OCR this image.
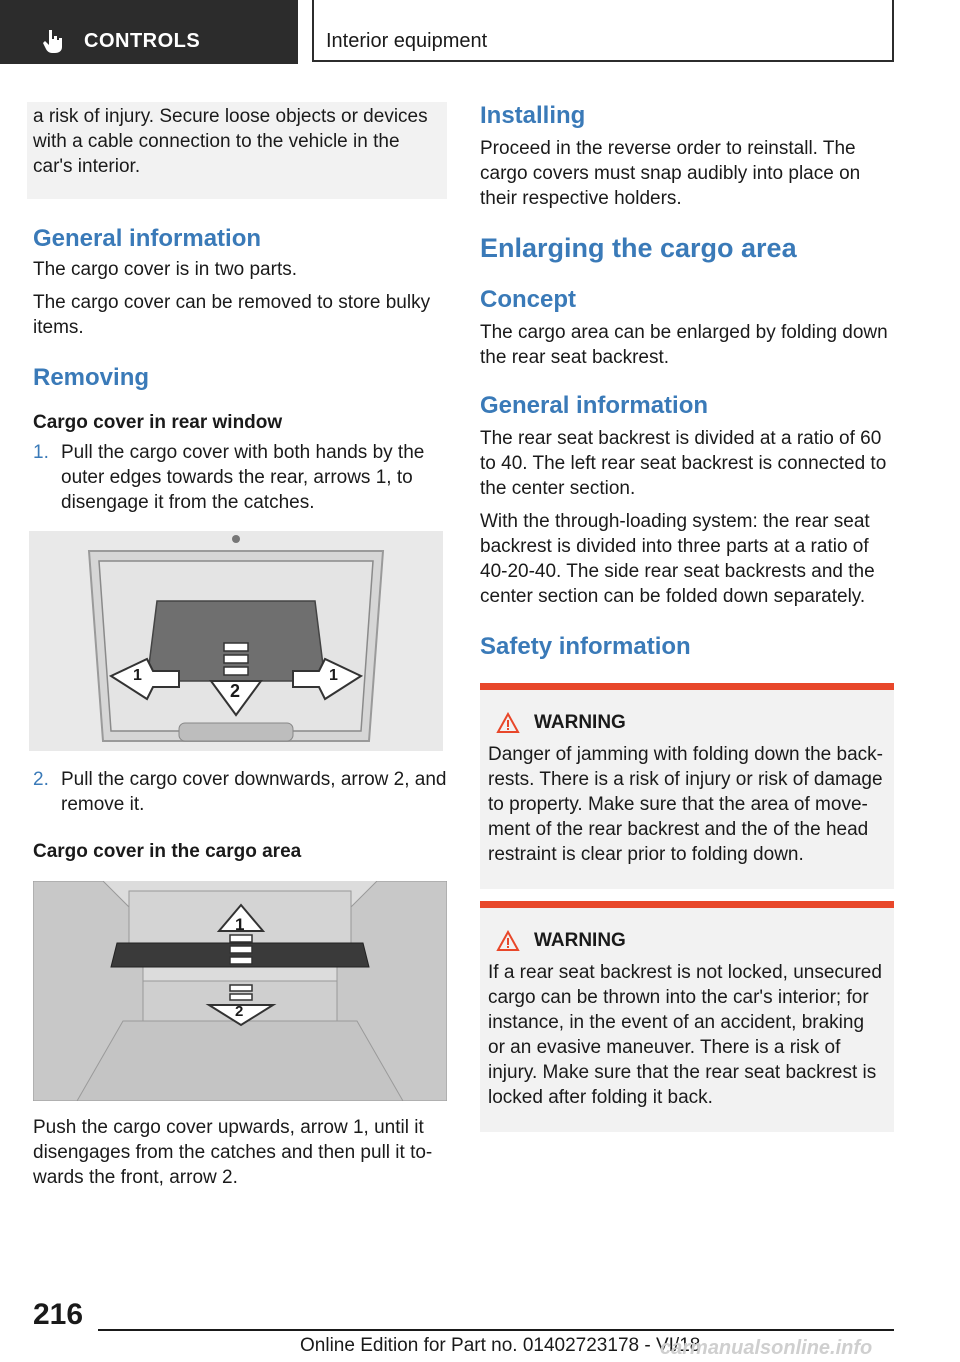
CONTROLS	Interior equipment

a risk of injury. Secure loose objects or devices with a cable connection to the vehicle in the car's interior.

General information

The cargo cover is in two parts.

The cargo cover can be removed to store bulky items.

Removing
Cargo cover in rear window
1. Pull the cargo cover with both hands by the outer edges towards the rear, arrows 1, to disengage it from the catches.
1
2
1
2. Pull the cargo cover downwards, arrow 2, and remove it.
Cargo cover in the cargo area
1
2

Push the cargo cover upwards, arrow 1, until it disengages from the catches and then pull it to‐ wards the front, arrow 2.

Installing

Proceed in the reverse order to reinstall. The cargo covers must snap audibly into place on their respective holders.

Enlarging the cargo area
Concept

The cargo area can be enlarged by folding down the rear seat backrest.

General information

The rear seat backrest is divided at a ratio of 60 to 40. The left rear seat backrest is connected to the center section.

With the through-loading system: the rear seat backrest is divided into three parts at a ratio of 40-20-40. The side rear seat backrests and the center section can be folded down separately.

Safety information
WARNING

Danger of jamming with folding down the back‐ rests. There is a risk of injury or risk of damage to property. Make sure that the area of move‐ ment of the rear backrest and the of the head restraint is clear prior to folding down.

WARNING

If a rear seat backrest is not locked, unsecured cargo can be thrown into the car's interior; for instance, in the event of an accident, braking or an evasive maneuver. There is a risk of injury. Make sure that the rear seat backrest is locked after folding it back.

216
Online Edition for Part no. 01402723178 - VI/18
carmanualsonline.info
